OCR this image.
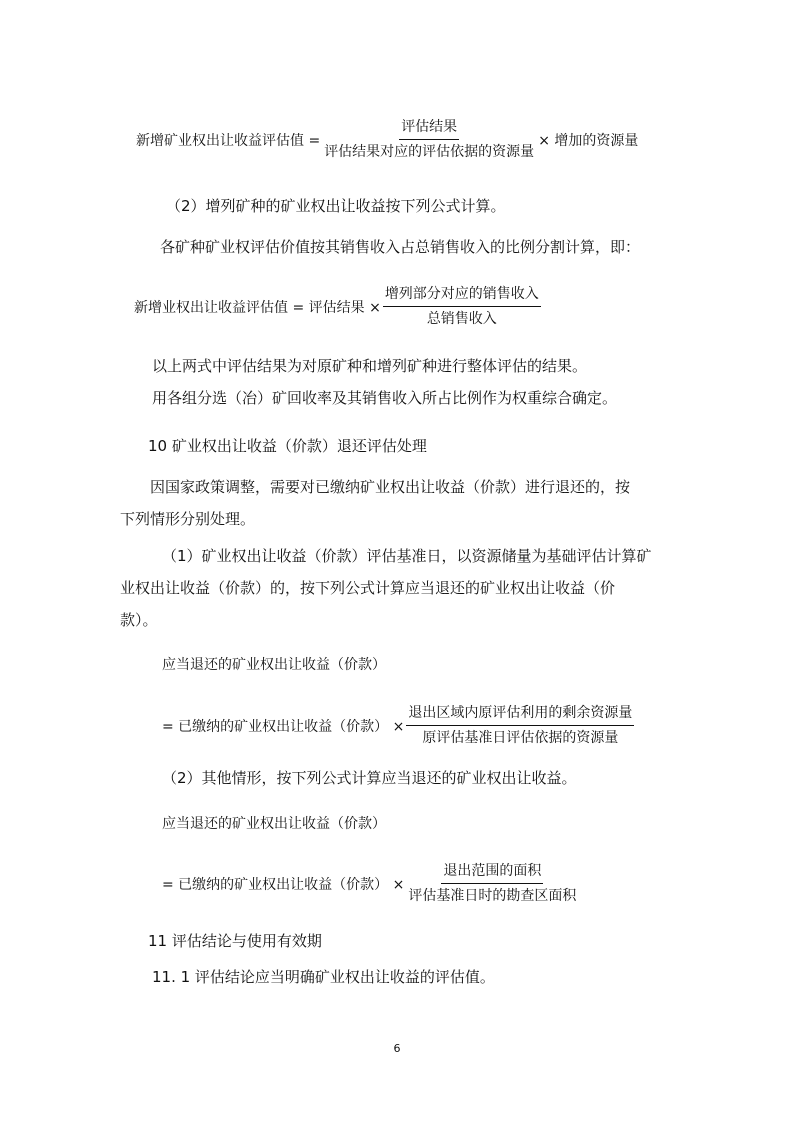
新增矿业权出让收益评估值 = $\frac{\text{评估结果}}{\text{评估结果对应的评估依据的资源量}}$ × 增加的资源量
（2）增列矿种的矿业权出让收益按下列公式计算。
各矿种矿业权评估价值按其销售收入占总销售收入的比例分割计算，即：
新增业权出让收益评估值 = 评估结果 × $\frac{\text{增列部分对应的销售收入}}{\text{总销售收入}}$
以上两式中评估结果为对原矿种和增列矿种进行整体评估的结果。
用各组分选（冶）矿回收率及其销售收入所占比例作为权重综合确定。
10 矿业权出让收益（价款）退还评估处理
因国家政策调整，需要对已缴纳矿业权出让收益（价款）进行退还的，按
下列情形分别处理。
（1）矿业权出让收益（价款）评估基准日，以资源储量为基础评估计算矿
业权出让收益（价款）的，按下列公式计算应当退还的矿业权出让收益（价
款）。
应当退还的矿业权出让收益（价款）
= 已缴纳的矿业权出让收益（价款） × $\frac{\text{退出区域内原评估利用的剩余资源量}}{\text{原评估基准日评估依据的资源量}}$
（2）其他情形，按下列公式计算应当退还的矿业权出让收益。
应当退还的矿业权出让收益（价款）
= 已缴纳的矿业权出让收益（价款） × $\frac{\text{退出范围的面积}}{\text{评估基准日时的勘查区面积}}$
11 评估结论与使用有效期
11. 1 评估结论应当明确矿业权出让收益的评估值。
6
